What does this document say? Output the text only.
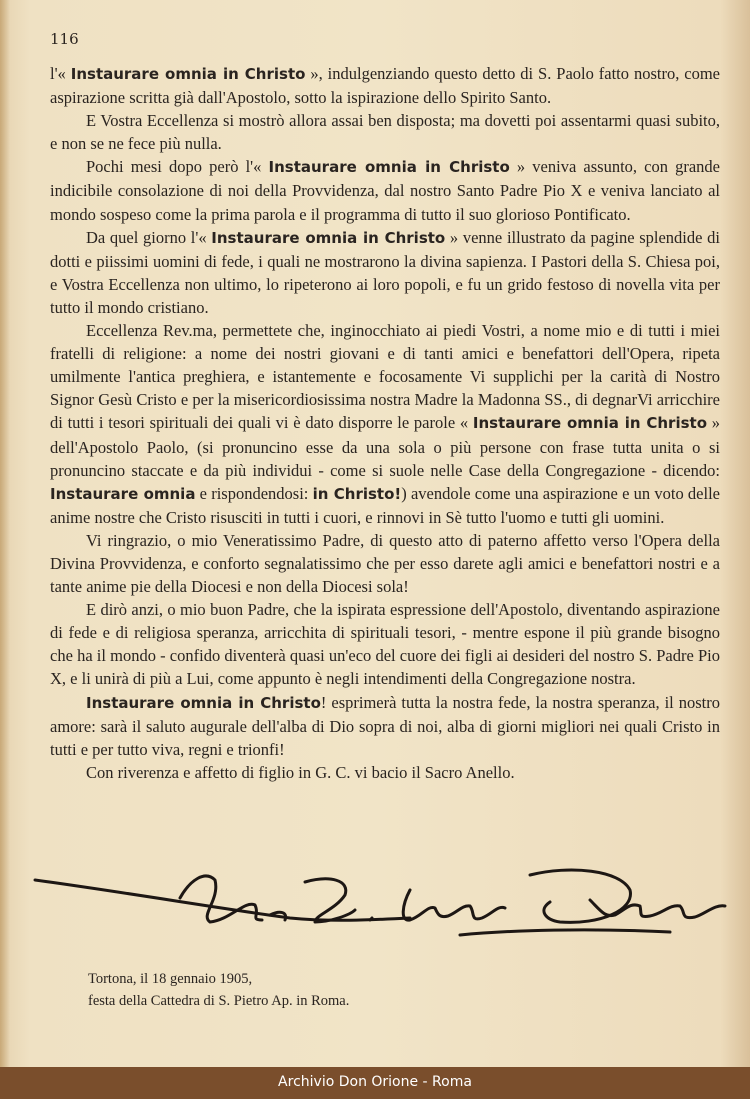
116

l'« Instaurare omnia in Christo », indulgenziando questo detto di S. Paolo fatto nostro, come aspirazione scritta già dall'Apostolo, sotto la ispirazione dello Spirito Santo.

E Vostra Eccellenza si mostrò allora assai ben disposta; ma dovetti poi assentarmi quasi subito, e non se ne fece più nulla.

Pochi mesi dopo però l'« Instaurare omnia in Christo » veniva assunto, con grande indicibile consolazione di noi della Provvidenza, dal nostro Santo Padre Pio X e veniva lanciato al mondo sospeso come la prima parola e il programma di tutto il suo glorioso Pontificato.

Da quel giorno l'« Instaurare omnia in Christo » venne illustrato da pagine splendide di dotti e piissimi uomini di fede, i quali ne mostrarono la divina sapienza. I Pastori della S. Chiesa poi, e Vostra Eccellenza non ultimo, lo ripeterono ai loro popoli, e fu un grido festoso di novella vita per tutto il mondo cristiano.

Eccellenza Rev.ma, permettete che, inginocchiato ai piedi Vostri, a nome mio e di tutti i miei fratelli di religione: a nome dei nostri giovani e di tanti amici e benefattori dell'Opera, ripeta umilmente l'antica preghiera, e istantemente e focosamente Vi supplichi per la carità di Nostro Signor Gesù Cristo e per la misericordiosissima nostra Madre la Madonna SS., di degnarVi arricchire di tutti i tesori spirituali dei quali vi è dato disporre le parole « Instaurare omnia in Christo » dell'Apostolo Paolo, (si pronuncino esse da una sola o più persone con frase tutta unita o si pronuncino staccate e da più individui - come si suole nelle Case della Congregazione - dicendo: Instaurare omnia e rispondendosi: in Christo!) avendole come una aspirazione e un voto delle anime nostre che Cristo risusciti in tutti i cuori, e rinnovi in Sè tutto l'uomo e tutti gli uomini.

Vi ringrazio, o mio Veneratissimo Padre, di questo atto di paterno affetto verso l'Opera della Divina Provvidenza, e conforto segnalatissimo che per esso darete agli amici e benefattori nostri e a tante anime pie della Diocesi e non della Diocesi sola!

E dirò anzi, o mio buon Padre, che la ispirata espressione dell'Apostolo, diventando aspirazione di fede e di religiosa speranza, arricchita di spirituali tesori, - mentre espone il più grande bisogno che ha il mondo - confido diventerà quasi un'eco del cuore dei figli ai desideri del nostro S. Padre Pio X, e li unirà di più a Lui, come appunto è negli intendimenti della Congregazione nostra.

Instaurare omnia in Christo! esprimerà tutta la nostra fede, la nostra speranza, il nostro amore: sarà il saluto augurale dell'alba di Dio sopra di noi, alba di giorni migliori nei quali Cristo in tutti e per tutto viva, regni e trionfi!

Con riverenza e affetto di figlio in G. C. vi bacio il Sacro Anello.

Tortona, il 18 gennaio 1905,
festa della Cattedra di S. Pietro Ap. in Roma.
Archivio Don Orione - Roma
